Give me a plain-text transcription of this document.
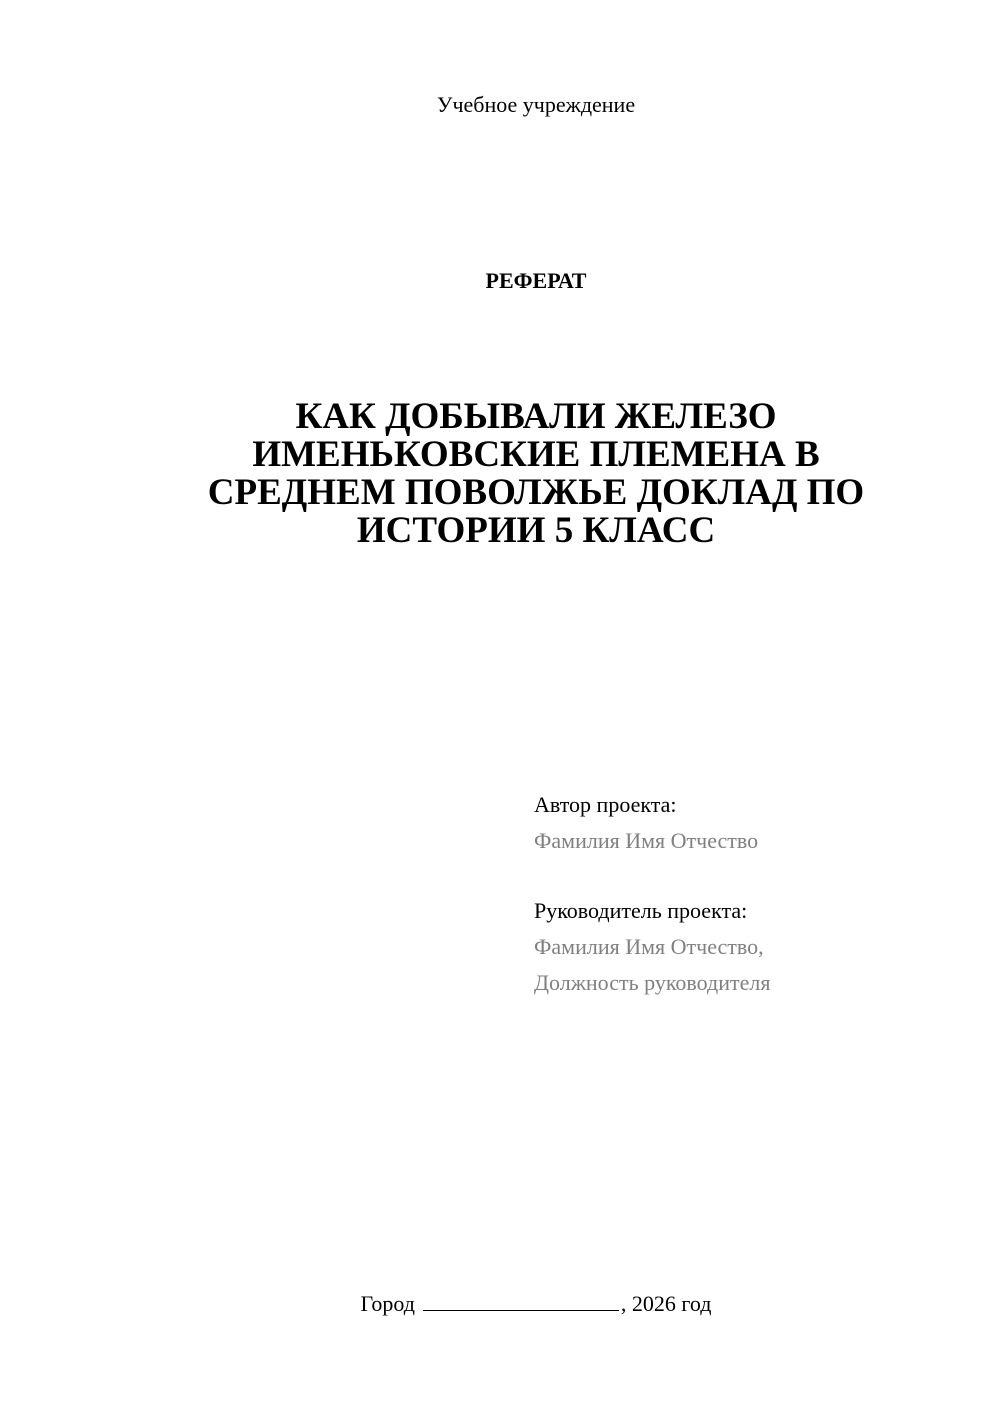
Учебное учреждение
РЕФЕРАТ
КАК ДОБЫВАЛИ ЖЕЛЕЗО ИМЕНЬКОВСКИЕ ПЛЕМЕНА В СРЕДНЕМ ПОВОЛЖЬЕ ДОКЛАД ПО ИСТОРИИ 5 КЛАСС
Автор проекта:
Фамилия Имя Отчество
Руководитель проекта:
Фамилия Имя Отчество,
Должность руководителя
Город	, 2026 год
